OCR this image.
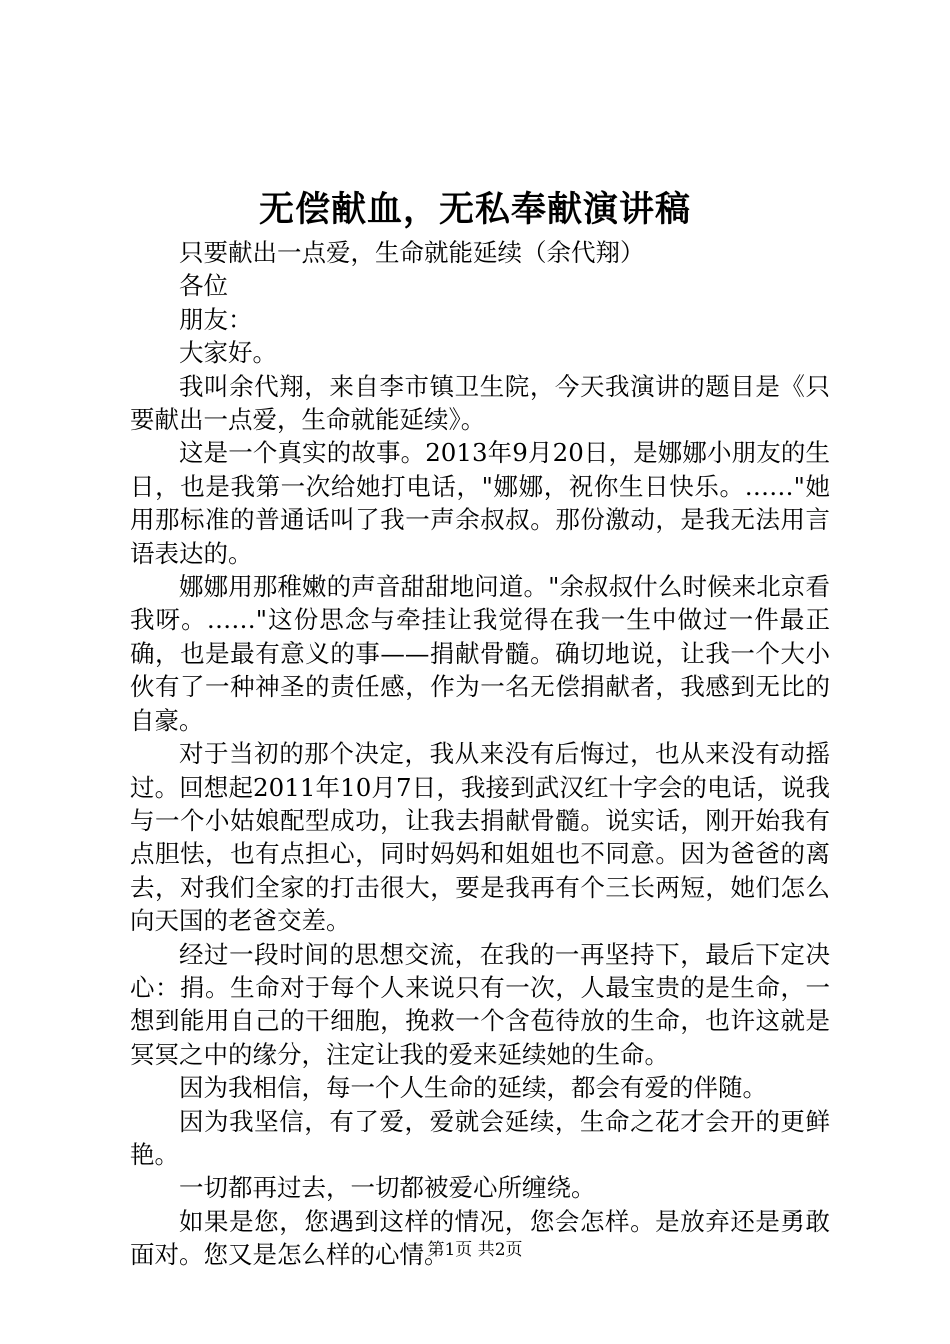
无偿献血，无私奉献演讲稿

只要献出一点爱，生命就能延续（余代翔）

各位

朋友：

大家好。

我叫余代翔，来自李市镇卫生院，今天我演讲的题目是《只要献出一点爱，生命就能延续》。

这是一个真实的故事。2013年9月20日，是娜娜小朋友的生日，也是我第一次给她打电话，"娜娜，祝你生日快乐。……"她用那标准的普通话叫了我一声余叔叔。那份激动，是我无法用言语表达的。

娜娜用那稚嫩的声音甜甜地问道。"余叔叔什么时候来北京看我呀。……"这份思念与牵挂让我觉得在我一生中做过一件最正确，也是最有意义的事——捐献骨髓。确切地说，让我一个大小伙有了一种神圣的责任感，作为一名无偿捐献者，我感到无比的自豪。

对于当初的那个决定，我从来没有后悔过，也从来没有动摇过。回想起2011年10月7日，我接到武汉红十字会的电话，说我与一个小姑娘配型成功，让我去捐献骨髓。说实话，刚开始我有点胆怯，也有点担心，同时妈妈和姐姐也不同意。因为爸爸的离去，对我们全家的打击很大，要是我再有个三长两短，她们怎么向天国的老爸交差。

经过一段时间的思想交流，在我的一再坚持下，最后下定决心：捐。生命对于每个人来说只有一次，人最宝贵的是生命，一想到能用自己的干细胞，挽救一个含苞待放的生命，也许这就是冥冥之中的缘分，注定让我的爱来延续她的生命。

因为我相信，每一个人生命的延续，都会有爱的伴随。

因为我坚信，有了爱，爱就会延续，生命之花才会开的更鲜艳。

一切都再过去，一切都被爱心所缠绕。

如果是您，您遇到这样的情况，您会怎样。是放弃还是勇敢面对。您又是怎么样的心情。

第1页 共2页
